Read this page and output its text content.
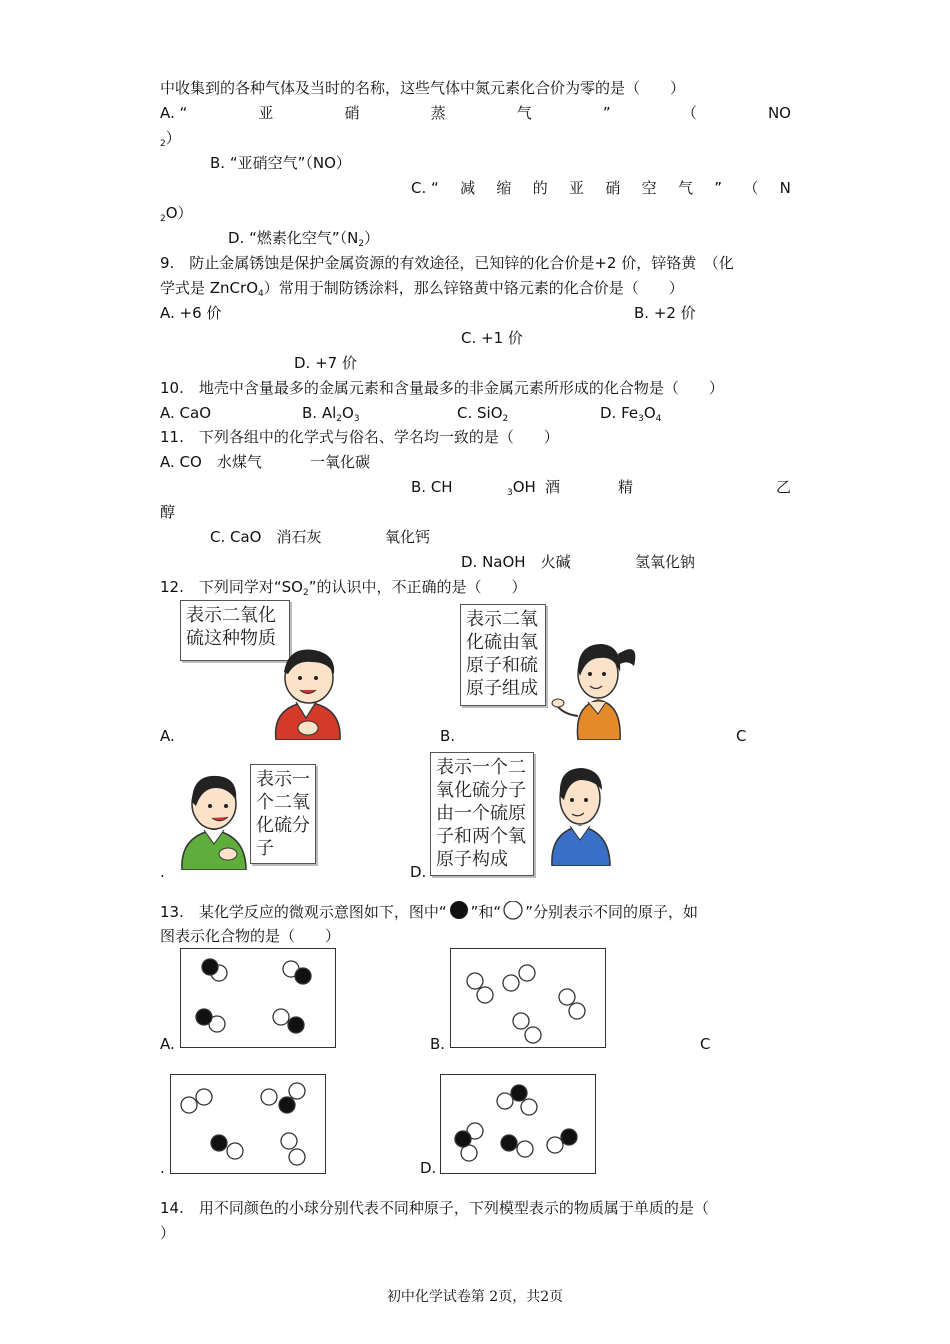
中收集到的各种气体及当时的名称，这些气体中氮元素化合价为零的是（　　）
A. “	亚	硝	蒸	气	”	（	NO
$_2$）
B. “亚硝空气”（NO）
C. “ 减 缩 的 亚 硝 空 气 ” （ N
$_2$O）
D. “燃素化空气$”(N_2)$
9.　防止金属锈蚀是保护金属资源的有效途径，已知锌的化合价是+2 价，锌铬黄　（化
学式是 ZnCrO$_4$）常用于制防锈涂料，那么锌铬黄中铬元素的化合价是（　　）
A. +6 价	B. +2 价
C. +1 价
D. +7 价
10.　地壳中含量最多的金属元素和含量最多的非金属元素所形成的化合物是（　　）
A. CaO	B. $Al_2O_3$	C. SiO$_2$	D. $Fe_3O_4$
11.　下列各组中的化学式与俗名、学名均一致的是（　　）
A. CO　水煤气	一氧化碳
B. CH	$_3$OH 酒	精	乙
醇
C. CaO　消石灰	氧化钙
D. NaOH　火碱	氢氧化钠
12.　下列同学对“$SO_2$”的认识中，不正确的是（　　）
表示二氧化硫这种物质
A.
表示二氧化硫由氧原子和硫原子组成
B.	C
表示一个二氧化硫分子
.
表示一个二氧化硫分子由一个硫原子和两个氧原子构成
D.
13.　某化学反应的微观示意图如下，图中“ ”和“ ”分别表示不同的原子，如
图表示化合物的是（　　）
A.	B.	C
.	D.
14.　用不同颜色的小球分别代表不同种原子，下列模型表示的物质属于单质的是（
）
初中化学试卷第 2页，共2页
